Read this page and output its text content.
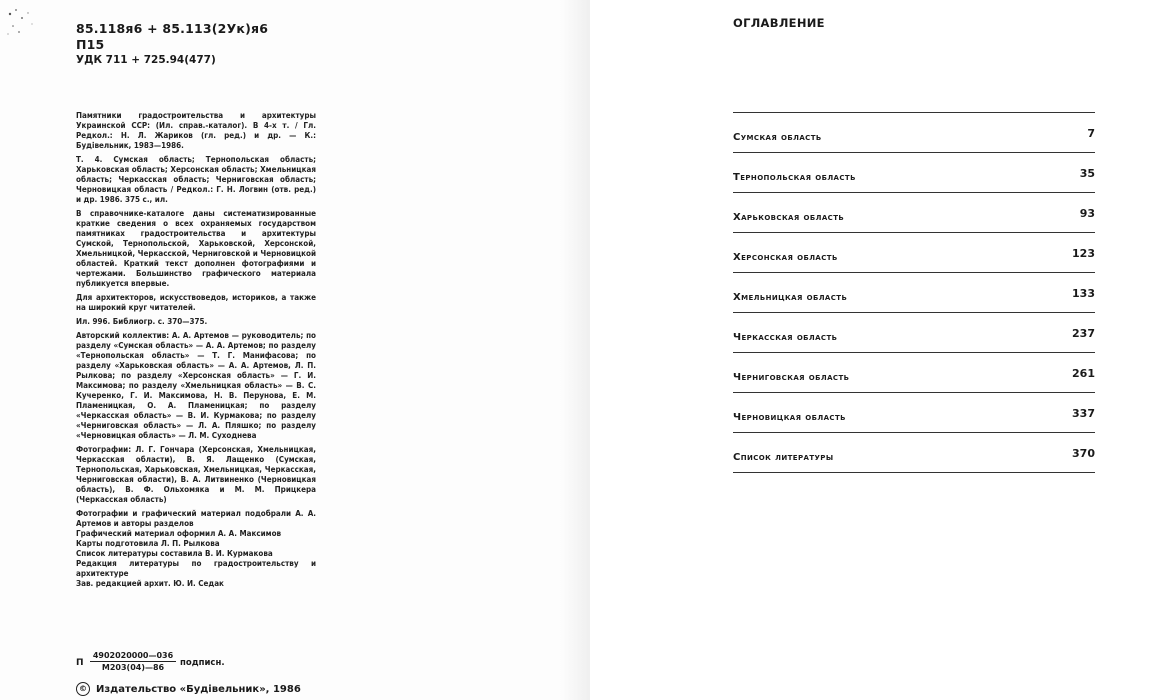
85.118я6 + 85.113(2Ук)я6
П15
УДК 711 + 725.94(477)

Памятники градостроительства и архитектуры Украинской ССР: (Ил. справ.-каталог). В 4-х т. / Гл. Редкол.: Н. Л. Жариков (гл. ред.) и др. — К.: Будівельник, 1983—1986.

Т. 4. Сумская область; Тернопольская область; Харьковская область; Херсонская область; Хмельницкая область; Черкасская область; Черниговская область; Черновицкая область / Редкол.: Г. Н. Логвин (отв. ред.) и др. 1986. 375 с., ил.

В справочнике-каталоге даны систематизированные краткие сведения о всех охраняемых государством памятниках градостроительства и архитектуры Сумской, Тернопольской, Харьковской, Херсонской, Хмельницкой, Черкасской, Черниговской и Черновицкой областей. Краткий текст дополнен фотографиями и чертежами. Большинство графического материала публикуется впервые.

Для архитекторов, искусствоведов, историков, а также на широкий круг читателей.

Ил. 996. Библиогр. с. 370—375.

Авторский коллектив: А. А. Артемов — руководитель; по разделу «Сумская область» — А. А. Артемов; по разделу «Тернопольская область» — Т. Г. Манифасова; по разделу «Харьковская область» — А. А. Артемов, Л. П. Рылкова; по разделу «Херсонская область» — Г. И. Максимова; по разделу «Хмельницкая область» — В. С. Кучеренко, Г. И. Максимова, Н. В. Перунова, Е. М. Пламеницкая, О. А. Пламеницкая; по разделу «Черкасская область» — В. И. Курмакова; по разделу «Черниговская область» — Л. А. Пляшко; по разделу «Черновицкая область» — Л. М. Суходнева

Фотографии: Л. Г. Гончара (Херсонская, Хмельницкая, Черкасская области), В. Я. Лащенко (Сумская, Тернопольская, Харьковская, Хмельницкая, Черкасская, Черниговская области), В. А. Литвиненко (Черновицкая область), В. Ф. Ольхомяка и М. М. Прицкера (Черкасская область)

Фотографии и графический материал подобрали А. А. Артемов и авторы разделов

Графический материал оформил А. А. Максимов

Карты подготовила Л. П. Рылкова

Список литературы составила В. И. Курмакова

Редакция литературы по градостроительству и архитектуре

Зав. редакцией архит. Ю. И. Седак

П
4902020000—036
М203(04)—86	подписн.
© Издательство «Будівельник», 1986
ОГЛАВЛЕНИЕ
Сумская область	7
Тернопольская область	35
Харьковская область	93
Херсонская область	123
Хмельницкая область	133
Черкасская область	237
Черниговская область	261
Черновицкая область	337
Список литературы	370
